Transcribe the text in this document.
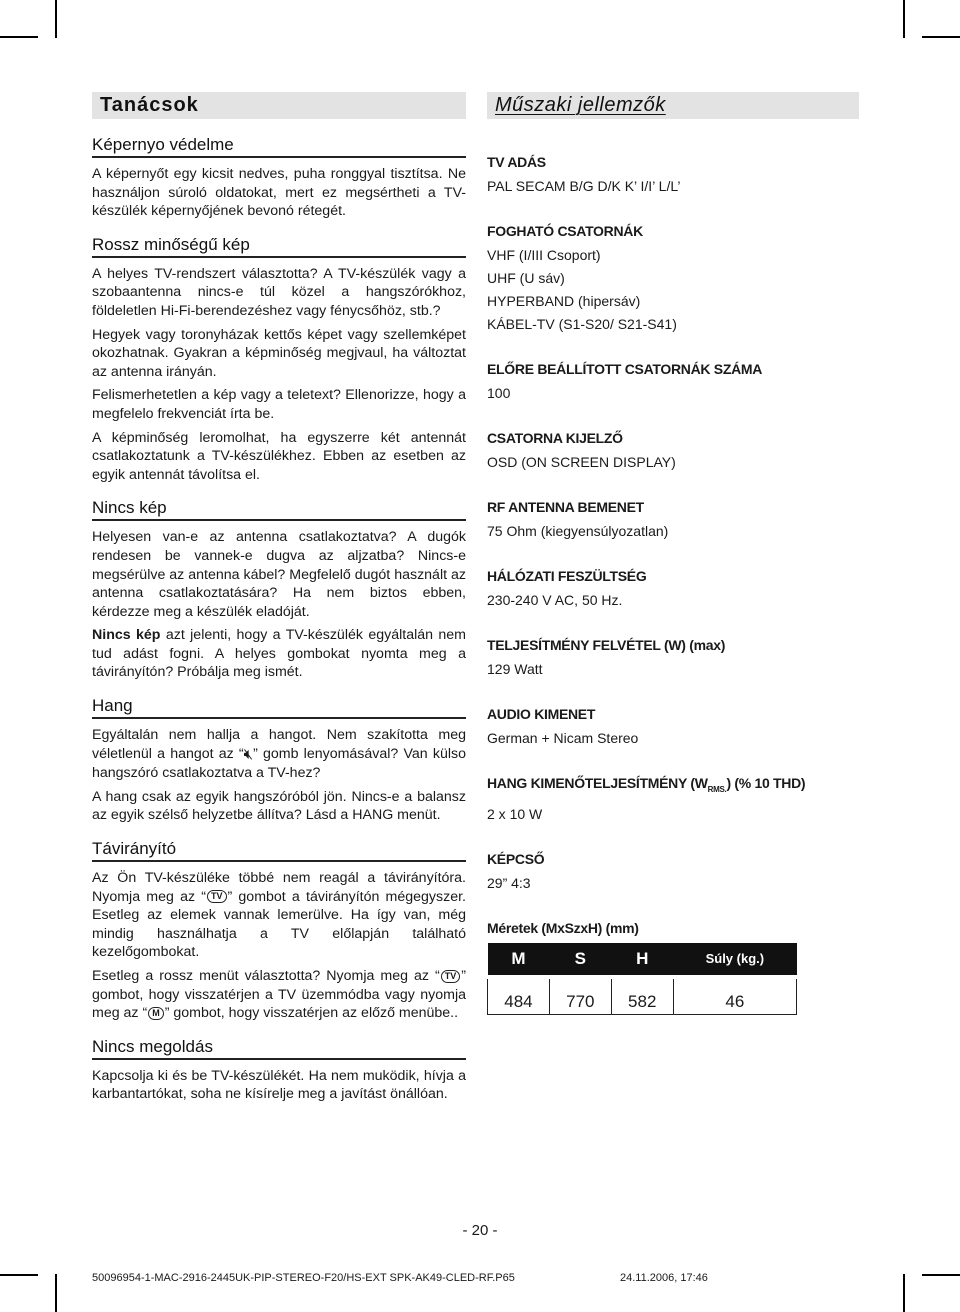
Tanácsok
Képernyo védelme
A képernyőt egy kicsit nedves, puha ronggyal tisztítsa. Ne használjon súroló oldatokat, mert ez megsértheti a TV-készülék képernyőjének bevonó rétegét.
Rossz minőségű kép
A helyes TV-rendszert választotta? A TV-készülék vagy a szobaantenna nincs-e túl közel a hangszórókhoz, földeletlen Hi-Fi-berendezéshez vagy fénycsőhöz, stb.?
Hegyek vagy toronyházak kettős képet vagy szellemképet okozhatnak. Gyakran a képminőség megjvaul, ha változtat az antenna irányán.
Felismerhetetlen a kép vagy a teletext? Ellenorizze, hogy a megfelelo frekvenciát írta be.
A képminőség leromolhat, ha egyszerre két antennát csatlakoztatunk a TV-készülékhez. Ebben az esetben az egyik antennát távolítsa el.
Nincs kép
Helyesen van-e az antenna csatlakoztatva? A dugók rendesen be vannek-e dugva az aljzatba? Nincs-e megsérülve az antenna kábel? Megfelelő dugót használt az antenna csatlakoztatására? Ha nem biztos ebben, kérdezze meg a készülék eladóját.
Nincs kép azt jelenti, hogy a TV-készülék egyáltalán nem tud adást fogni. A helyes gombokat nyomta meg a távirányítón? Próbálja meg ismét.
Hang
Egyáltalán nem hallja a hangot. Nem szakította meg véletlenül a hangot az “🔇︎” gomb lenyomásával? Van külso hangszóró csatlakoztatva a TV-hez?
A hang csak az egyik hangszóróból jön. Nincs-e a balansz az egyik szélső helyzetbe állítva? Lásd a HANG menüt.
Távirányító
Az Ön TV-készüléke többé nem reagál a távirányítóra. Nyomja meg az “ TV ” gombot a távirányítón mégegyszer. Esetleg az elemek vannak lemerülve. Ha így van, még mindig használhatja a TV előlapján található kezelőgombokat.
Esetleg a rossz menüt választotta? Nyomja meg az “ TV ” gombot, hogy visszatérjen a TV üzemmódba vagy nyomja meg az “ M ” gombot, hogy visszatérjen az előző menübe..
Nincs megoldás
Kapcsolja ki és be TV-készülékét. Ha nem muködik, hívja a karbantartókat, soha ne kísírelje meg a javítást önállóan.
Műszaki jellemzők
TV ADÁS
PAL SECAM B/G D/K K’ I/I’ L/L’
FOGHATÓ CSATORNÁK
VHF (I/III Csoport)
UHF (U sáv)
HYPERBAND (hipersáv)
KÁBEL-TV (S1-S20/ S21-S41)
ELŐRE BEÁLLÍTOTT CSATORNÁK SZÁMA
100
CSATORNA KIJELZŐ
OSD (ON SCREEN DISPLAY)
RF ANTENNA BEMENET
75 Ohm (kiegyensúlyozatlan)
HÁLÓZATI FESZÜLTSÉG
230-240 V AC, 50 Hz.
TELJESÍTMÉNY FELVÉTEL (W) (max)
129 Watt
AUDIO KIMENET
German + Nicam Stereo
HANG KIMENŐTELJESÍTMÉNY $(W_{RMS.})$ (% 10 THD)
2 x 10 W
KÉPCSŐ
29” 4:3
Méretek (MxSzxH) (mm)
M	S	H	Súly (kg.)

484	770	582	46
- 20 -
50096954-1-MAC-2916-2445UK-PIP-STEREO-F20/HS-EXT SPK-AK49-CLED-RF.P65	24.11.2006, 17:46
